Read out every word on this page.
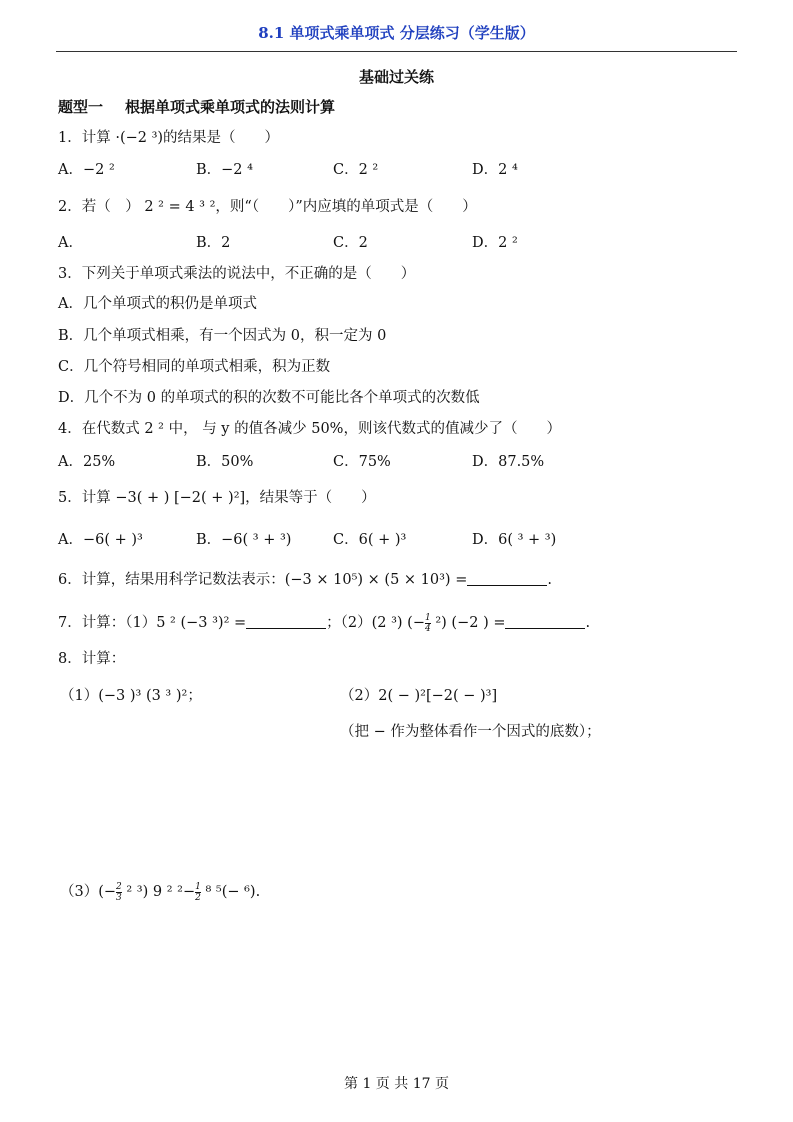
8.1 单项式乘单项式 分层练习（学生版）
基础过关练
题型一 根据单项式乘单项式的法则计算
1．计算 ·(−2 ³)的结果是（　　）
A．−2 ²	B．−2 ⁴	C．2 ²	D．2 ⁴
2．若（　） 2 ² = 4 ³ ²，则“（　　）”内应填的单项式是（　　）
A．	B．2	C．2	D．2 ²
3．下列关于单项式乘法的说法中，不正确的是（　　）
A．几个单项式的积仍是单项式
B．几个单项式相乘，有一个因式为 0，积一定为 0
C．几个符号相同的单项式相乘，积为正数
D．几个不为 0 的单项式的积的次数不可能比各个单项式的次数低
4．在代数式 2 ² 中， 与 y 的值各减少 50%，则该代数式的值减少了（　　）
A．25%	B．50%	C．75%	D．87.5%
5．计算 −3( + ) [−2( + )²]，结果等于（　　）
A．−6( + )³	B．−6( ³ + ³)	C．6( + )³	D．6( ³ + ³)
6．计算，结果用科学记数法表示：(−3 × 10⁵) × (5 × 10³) =	.
7．计算：（1）5 ² (−3 ³)² =	；（2）(2 ³) $(-\frac{1}{4} ^2)$ (−2 ) =	.
8．计算：
（1）(−3 )³ (3 ³ )²；	（2）2( − )²[−2( − )³]
（把 − 作为整体看作一个因式的底数）；
$(3)(-\frac{2}{3} ^2$ ³) 9 ² $^2-\frac{1}{2} ^8$ ⁵(− ⁶).
第 1 页 共 17 页
